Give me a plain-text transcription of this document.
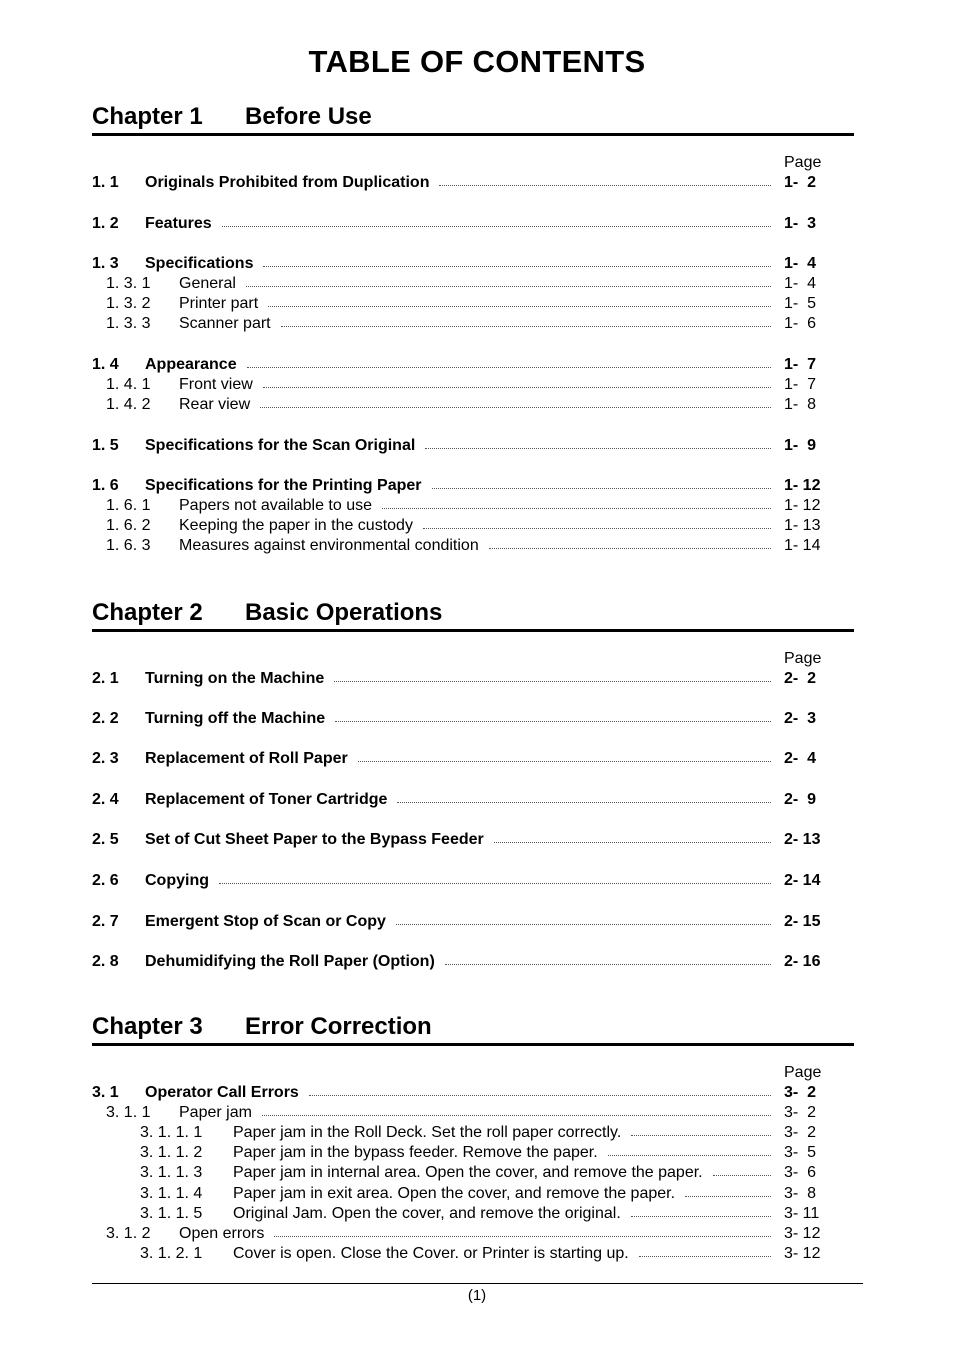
TABLE OF CONTENTS
Chapter 1 Before Use
Page
1. 1 Originals Prohibited from Duplication	1-  2
1. 2 Features	1-  3
1. 3 Specifications	1-  4
1. 3. 1 General	1-  4
1. 3. 2 Printer part	1-  5
1. 3. 3 Scanner part	1-  6
1. 4 Appearance	1-  7
1. 4. 1 Front view	1-  7
1. 4. 2 Rear view	1-  8
1. 5 Specifications for the Scan Original	1-  9
1. 6 Specifications for the Printing Paper	1- 12
1. 6. 1 Papers not available to use	1- 12
1. 6. 2 Keeping the paper in the custody	1- 13
1. 6. 3 Measures against environmental condition	1- 14
Chapter 2 Basic Operations
Page
2. 1 Turning on the Machine	2-  2
2. 2 Turning off the Machine	2-  3
2. 3 Replacement of Roll Paper	2-  4
2. 4 Replacement of Toner Cartridge	2-  9
2. 5 Set of Cut Sheet Paper to the Bypass Feeder	2- 13
2. 6 Copying	2- 14
2. 7 Emergent Stop of Scan or Copy	2- 15
2. 8 Dehumidifying the Roll Paper (Option)	2- 16
Chapter 3 Error Correction
Page
3. 1 Operator Call Errors	3-  2
3. 1. 1 Paper jam	3-  2
3. 1. 1. 1 Paper jam in the Roll Deck. Set the roll paper correctly.	3-  2
3. 1. 1. 2 Paper jam in the bypass feeder. Remove the paper.	3-  5
3. 1. 1. 3 Paper jam in internal area. Open the cover, and remove the paper.	3-  6
3. 1. 1. 4 Paper jam in exit area. Open the cover, and remove the paper.	3-  8
3. 1. 1. 5 Original Jam. Open the cover, and remove the original.	3- 11
3. 1. 2 Open errors	3- 12
3. 1. 2. 1 Cover is open. Close the Cover. or Printer is starting up.	3- 12
(1)
